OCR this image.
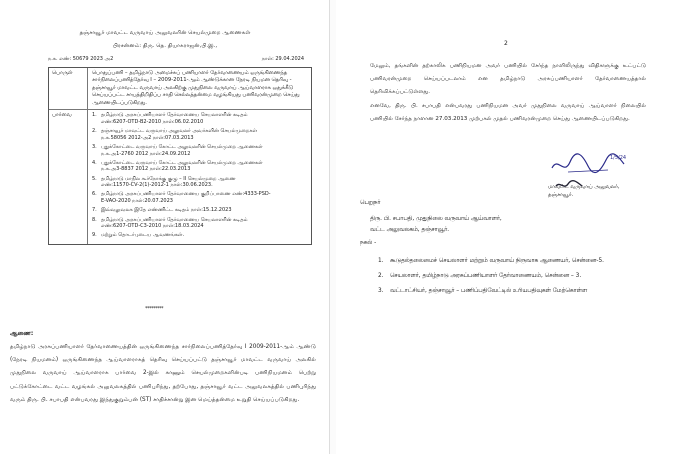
தஞ்சாவூர் மாவட்ட வருவாய் அலுவலரின் செயல்முறை ஆணைகள்
பிரசன்னம்: திரு. தெ. தியாகராஜன்,பி.இ.,
ந.க. எண்: 50679 2023 அ2	நாள்: 29.04.2024
பொருள்	பொதுப்பணி – தமிழ்நாடு அமைச்சுப் பணியாளர் தேர்வாணையம் ஒருங்கிணைந்த சார்நிலைப்பணித்தேர்வு I – 2009-2011-ஆம் ஆண்டுக்கான நேரடி நியமன தெரிவு - தஞ்சாவூர் மாவட்ட வருவாய் அலகிற்கு முதுநிலை வருவாய் ஆய்வாளராக ஒதுக்கீடு செய்யப்பட்ட சாயத்திறிதிப்ப சாதி செல்லத்தன்மை வழங்கியது பணிவரன்முறை செய்து ஆணையிடப்படுகிறது.
பார்வை	1. தமிழ்நாடு அரசுப்பணியாளர் தேர்வாணைய செயலாளரின் கடிதம்
எண்:6207-OTD-B2-2010 நாள்:06.02.2010
2. தஞ்சாவூர் மாவட்ட வருவாய் அலுவலர் அவர்களின் செயல்முறைகள்
ந.க.58056 2012-அ2 நாள்:07.03.2013
3. புதுக்கோட்டை வருவாய் கோட்ட அலுவலரின் செயல்முறை ஆணைகள்
ந.க.அ1-2760 2012 நாள்:24.09.2012
4. புதுக்கோட்டை வருவாய் கோட்ட அலுவலரின் செயல்முறை ஆணைகள்
ந.க.அ3-8837 2012 நாள்:22.03.2013
5. தமிழ்நாடு மாநில கூர்நோக்கு குழு – II செயல்முறை ஆணை
எண்:11570-CV-2(1)-2012-1 நாள்:30.06.2023.
6. தமிழ்நாடு அரசுப்பணியாளர் தேர்வாணைய குறிப்பாணை எண்:4333-PSD-
E-VAO-2020 நாள்:20.07.2023
7. இவ்வலுவலக இதே எண்ணிட்ட கடிதம் நாள்:15.12.2023
8. தமிழ்நாடு அரசுப்பணியாளர் தேர்வாணைய செயலாளரின் கடிதம்
எண்:6207-OTD-C3-2010 நாள்:18.03.2024
9. மற்றும் தொடர்புடைய ஆவணங்கள்.
*********
ஆணை:
தமிழ்நாடு அரசுப்பணியாளர் தேர்வாணையத்தின் ஒருங்கிணைந்த சார்நிலைப்பணித்தேர்வு I 2009-2011-ஆம் ஆண்டு (நேரடி நியமனம்) ஒருங்கிணைந்த ஆய்வாளராகத் தெரிவு செய்யப்பட்டு தஞ்சாவூர் மாவட்ட வருவாய் அலகில் முதுநிலை வருவாய் ஆய்வாளராக பார்வை 2-இல் காணும் செயல்முறைகளின்படி பணிநியமனம் பெற்று பட்டுக்கோட்டை வட்ட வழங்கல் அலுவலகத்தில் பணிபுரிந்து, தற்போது, தஞ்சாவூர் வட்ட அலுவலகத்தில் பணிபுரிந்து வரும் திரு. பி. சபாபதி என்பவரது இந்துகுறும்பன் (ST) சாதிச்சான்று இன மெய்த்தன்மை உறுதி செய்யப்படுகிறது.
2
மேலும், தங்களின் தற்காலிக பணிநியமன அவர் பணியில் சேர்ந்த நாளிலிருந்து விதிகளுக்கு உட்பட்டு பணிவரன்முறை செய்யப்படலாம் என தமிழ்நாடு அரசுப்பணியாளர் தேர்வாணையத்தால் தெரிவிக்கப்பட்டுள்ளது.
எனவே, திரு. பி. சபாபதி என்பவரது பணிநியமன அவர் முதுநிலை வருவாய் ஆய்வாளர் நிலையில் பணியில் சேர்ந்த நாளான 27.03.2013 முற்பகல் முதல் பணிவரன்முறை செய்து ஆணையிடப்படுகிறது.
1/5/24
மாவட்ட வருவாய் அலுவலர்,
தஞ்சாவூர்.
பெறுநர்
திரு. பி. சபாபதி, முதுநிலை வருவாய் ஆய்வாளர்,
வட்ட அலுவலகம், தஞ்சாவூர்.
நகல் -
1.	கூடுதல்தலைமைச் செயலாளர் மற்றும் வருவாய் நிருவாக ஆணையர், சென்னை-5.
2.	செயலாளர், தமிழ்நாடு அரசுப்பணியாளர் தேர்வாணையம், சென்னை – 3.
3.	வட்டாட்சியர், தஞ்சாவூர் – பணிப்பதிவேட்டில் உரியபதிவுகள் மேற்கொள்ள
